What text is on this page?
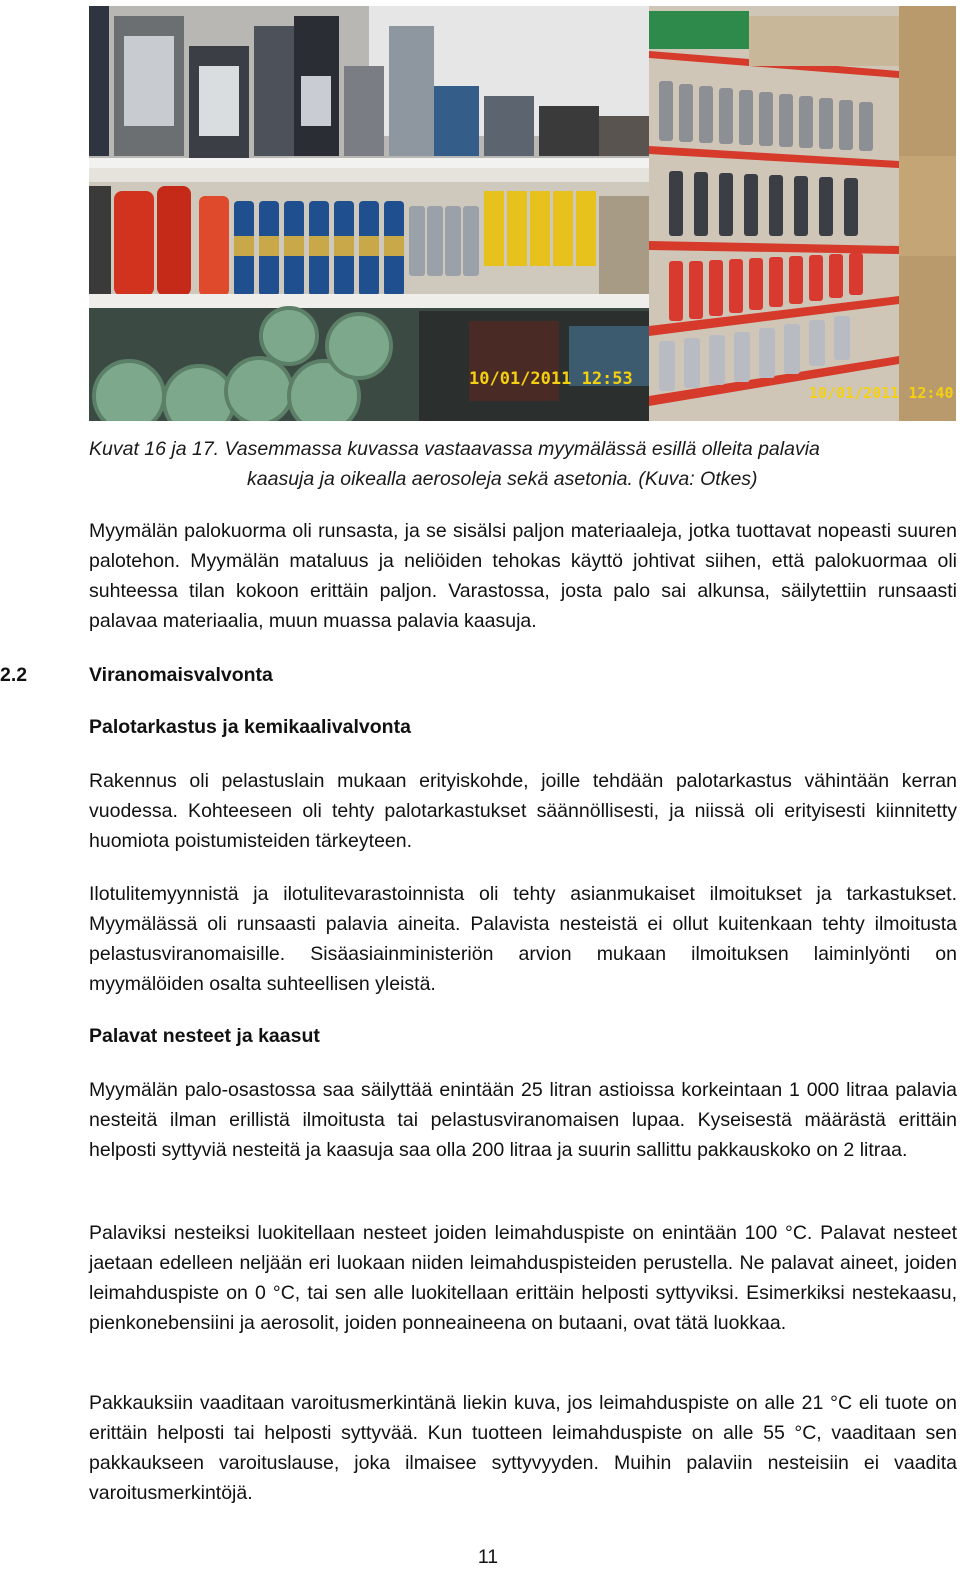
10/01/2011 12:53
10/01/2011 12:40
Kuvat 16 ja 17. Vasemmassa kuvassa vastaavassa myymälässä esillä olleita palavia
kaasuja ja oikealla aerosoleja sekä asetonia. (Kuva: Otkes)
Myymälän palokuorma oli runsasta, ja se sisälsi paljon materiaaleja, jotka tuottavat nopeasti suuren palotehon. Myymälän mataluus ja neliöiden tehokas käyttö johtivat siihen, että palokuormaa oli suhteessa tilan kokoon erittäin paljon. Varastossa, josta palo sai alkunsa, säilytettiin runsaasti palavaa materiaalia, muun muassa palavia kaasuja.
2.2	Viranomaisvalvonta
Palotarkastus ja kemikaalivalvonta
Rakennus oli pelastuslain mukaan erityiskohde, joille tehdään palotarkastus vähintään kerran vuodessa. Kohteeseen oli tehty palotarkastukset säännöllisesti, ja niissä oli erityisesti kiinnitetty huomiota poistumisteiden tärkeyteen.
Ilotulitemyynnistä ja ilotulitevarastoinnista oli tehty asianmukaiset ilmoitukset ja tarkastukset. Myymälässä oli runsaasti palavia aineita. Palavista nesteistä ei ollut kuitenkaan tehty ilmoitusta pelastusviranomaisille. Sisäasiainministeriön arvion mukaan ilmoituksen laiminlyönti on myymälöiden osalta suhteellisen yleistä.
Palavat nesteet ja kaasut
Myymälän palo-osastossa saa säilyttää enintään 25 litran astioissa korkeintaan 1 000 litraa palavia nesteitä ilman erillistä ilmoitusta tai pelastusviranomaisen lupaa. Kyseisestä määrästä erittäin helposti syttyviä nesteitä ja kaasuja saa olla 200 litraa ja suurin sallittu pakkauskoko on 2 litraa.
Palaviksi nesteiksi luokitellaan nesteet joiden leimahduspiste on enintään 100 °C. Palavat nesteet jaetaan edelleen neljään eri luokaan niiden leimahduspisteiden perustella. Ne palavat aineet, joiden leimahduspiste on 0 °C, tai sen alle luokitellaan erittäin helposti syttyviksi. Esimerkiksi nestekaasu, pienkonebensiini ja aerosolit, joiden ponneaineena on butaani, ovat tätä luokkaa.
Pakkauksiin vaaditaan varoitusmerkintänä liekin kuva, jos leimahduspiste on alle 21 °C eli tuote on erittäin helposti tai helposti syttyvää. Kun tuotteen leimahduspiste on alle 55 °C, vaaditaan sen pakkaukseen varoituslause, joka ilmaisee syttyvyyden. Muihin palaviin nesteisiin ei vaadita varoitusmerkintöjä.
11
